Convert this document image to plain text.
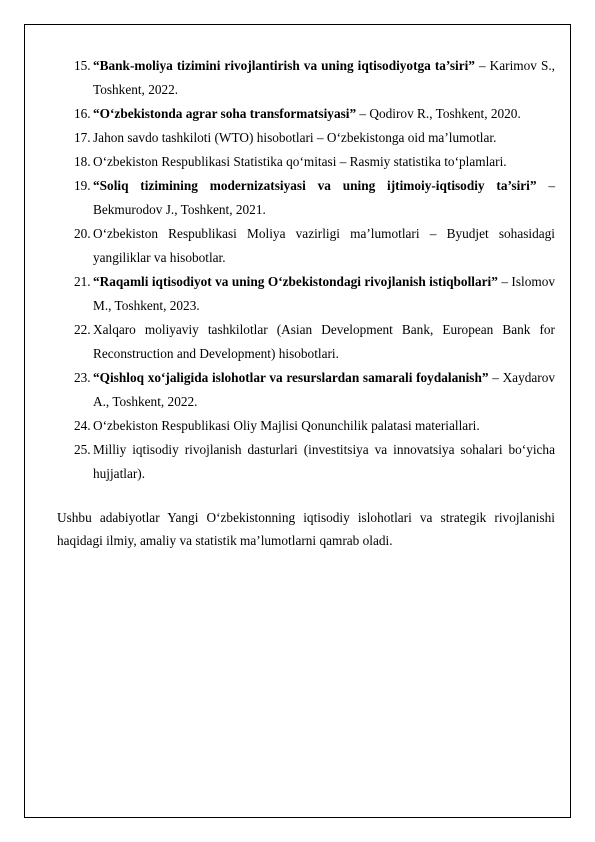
15. “Bank-moliya tizimini rivojlantirish va uning iqtisodiyotga ta’siri” – Karimov S., Toshkent, 2022.
16. “O‘zbekistonda agrar soha transformatsiyasi” – Qodirov R., Toshkent, 2020.
17. Jahon savdo tashkiloti (WTO) hisobotlari – O‘zbekistonga oid ma’lumotlar.
18. O‘zbekiston Respublikasi Statistika qo‘mitasi – Rasmiy statistika to‘plamlari.
19. “Soliq tizimining modernizatsiyasi va uning ijtimoiy-iqtisodiy ta’siri” – Bekmurodov J., Toshkent, 2021.
20. O‘zbekiston Respublikasi Moliya vazirligi ma’lumotlari – Byudjet sohasidagi yangiliklar va hisobotlar.
21. “Raqamli iqtisodiyot va uning O‘zbekistondagi rivojlanish istiqbollari” – Islomov M., Toshkent, 2023.
22. Xalqaro moliyaviy tashkilotlar (Asian Development Bank, European Bank for Reconstruction and Development) hisobotlari.
23. “Qishloq xo‘jaligida islohotlar va resurslardan samarali foydalanish” – Xaydarov A., Toshkent, 2022.
24. O‘zbekiston Respublikasi Oliy Majlisi Qonunchilik palatasi materiallari.
25. Milliy iqtisodiy rivojlanish dasturlari (investitsiya va innovatsiya sohalari bo‘yicha hujjatlar).

Ushbu adabiyotlar Yangi O‘zbekistonning iqtisodiy islohotlari va strategik rivojlanishi haqidagi ilmiy, amaliy va statistik ma’lumotlarni qamrab oladi.
